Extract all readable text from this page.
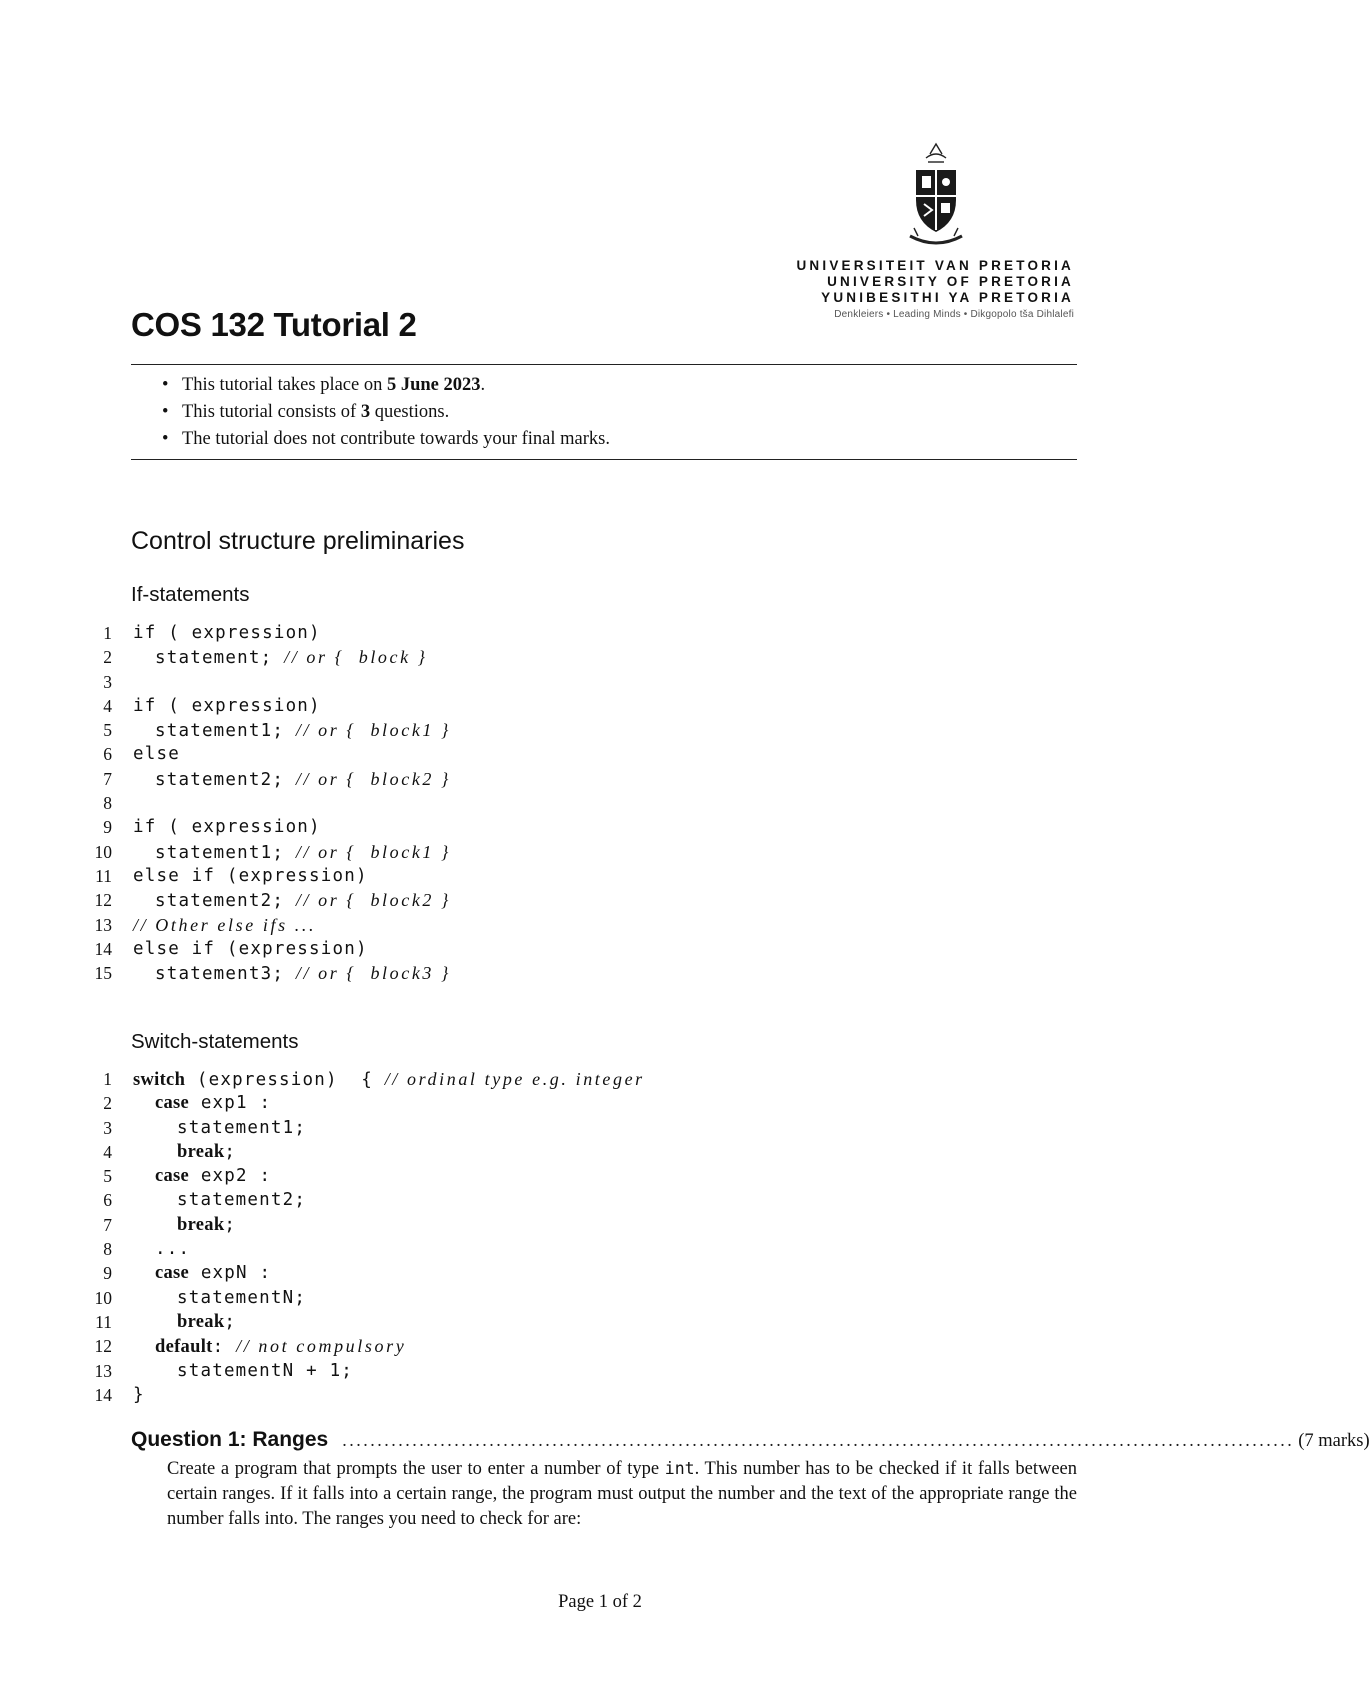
UNIVERSITEIT VAN PRETORIA
UNIVERSITY OF PRETORIA
YUNIBESITHI YA PRETORIA
Denkleiers • Leading Minds • Dikgopolo tša Dihlalefi
COS 132 Tutorial 2
• This tutorial takes place on 5 June 2023.
• This tutorial consists of 3 questions.
• The tutorial does not contribute towards your final marks.
Control structure preliminaries
If-statements
1 if ( expression)
2	statement; // or {  block }
3
4 if ( expression)
5	statement1; // or {  block1 }
6 else
7	statement2; // or {  block2 }
8
9 if ( expression)
10	statement1; // or {  block1 }
11 else if (expression)
12	statement2; // or {  block2 }
13 // Other else ifs ...
14 else if (expression)
15	statement3; // or {  block3 }
Switch-statements
1 switch (expression)  { // ordinal type e.g. integer
2	case exp1 :
3	statement1;
4	break;
5	case exp2 :
6	statement2;
7	break;
8	...
9	case expN :
10	statementN;
11	break;
12	default: // not compulsory
13	statementN + 1;
14 }
Question 1: Ranges ........................................................................................................................................ (7 marks)

Create a program that prompts the user to enter a number of type int. This number has to be checked if it falls between certain ranges. If it falls into a certain range, the program must output the number and the text of the appropriate range the number falls into. The ranges you need to check for are:

Page 1 of 2
